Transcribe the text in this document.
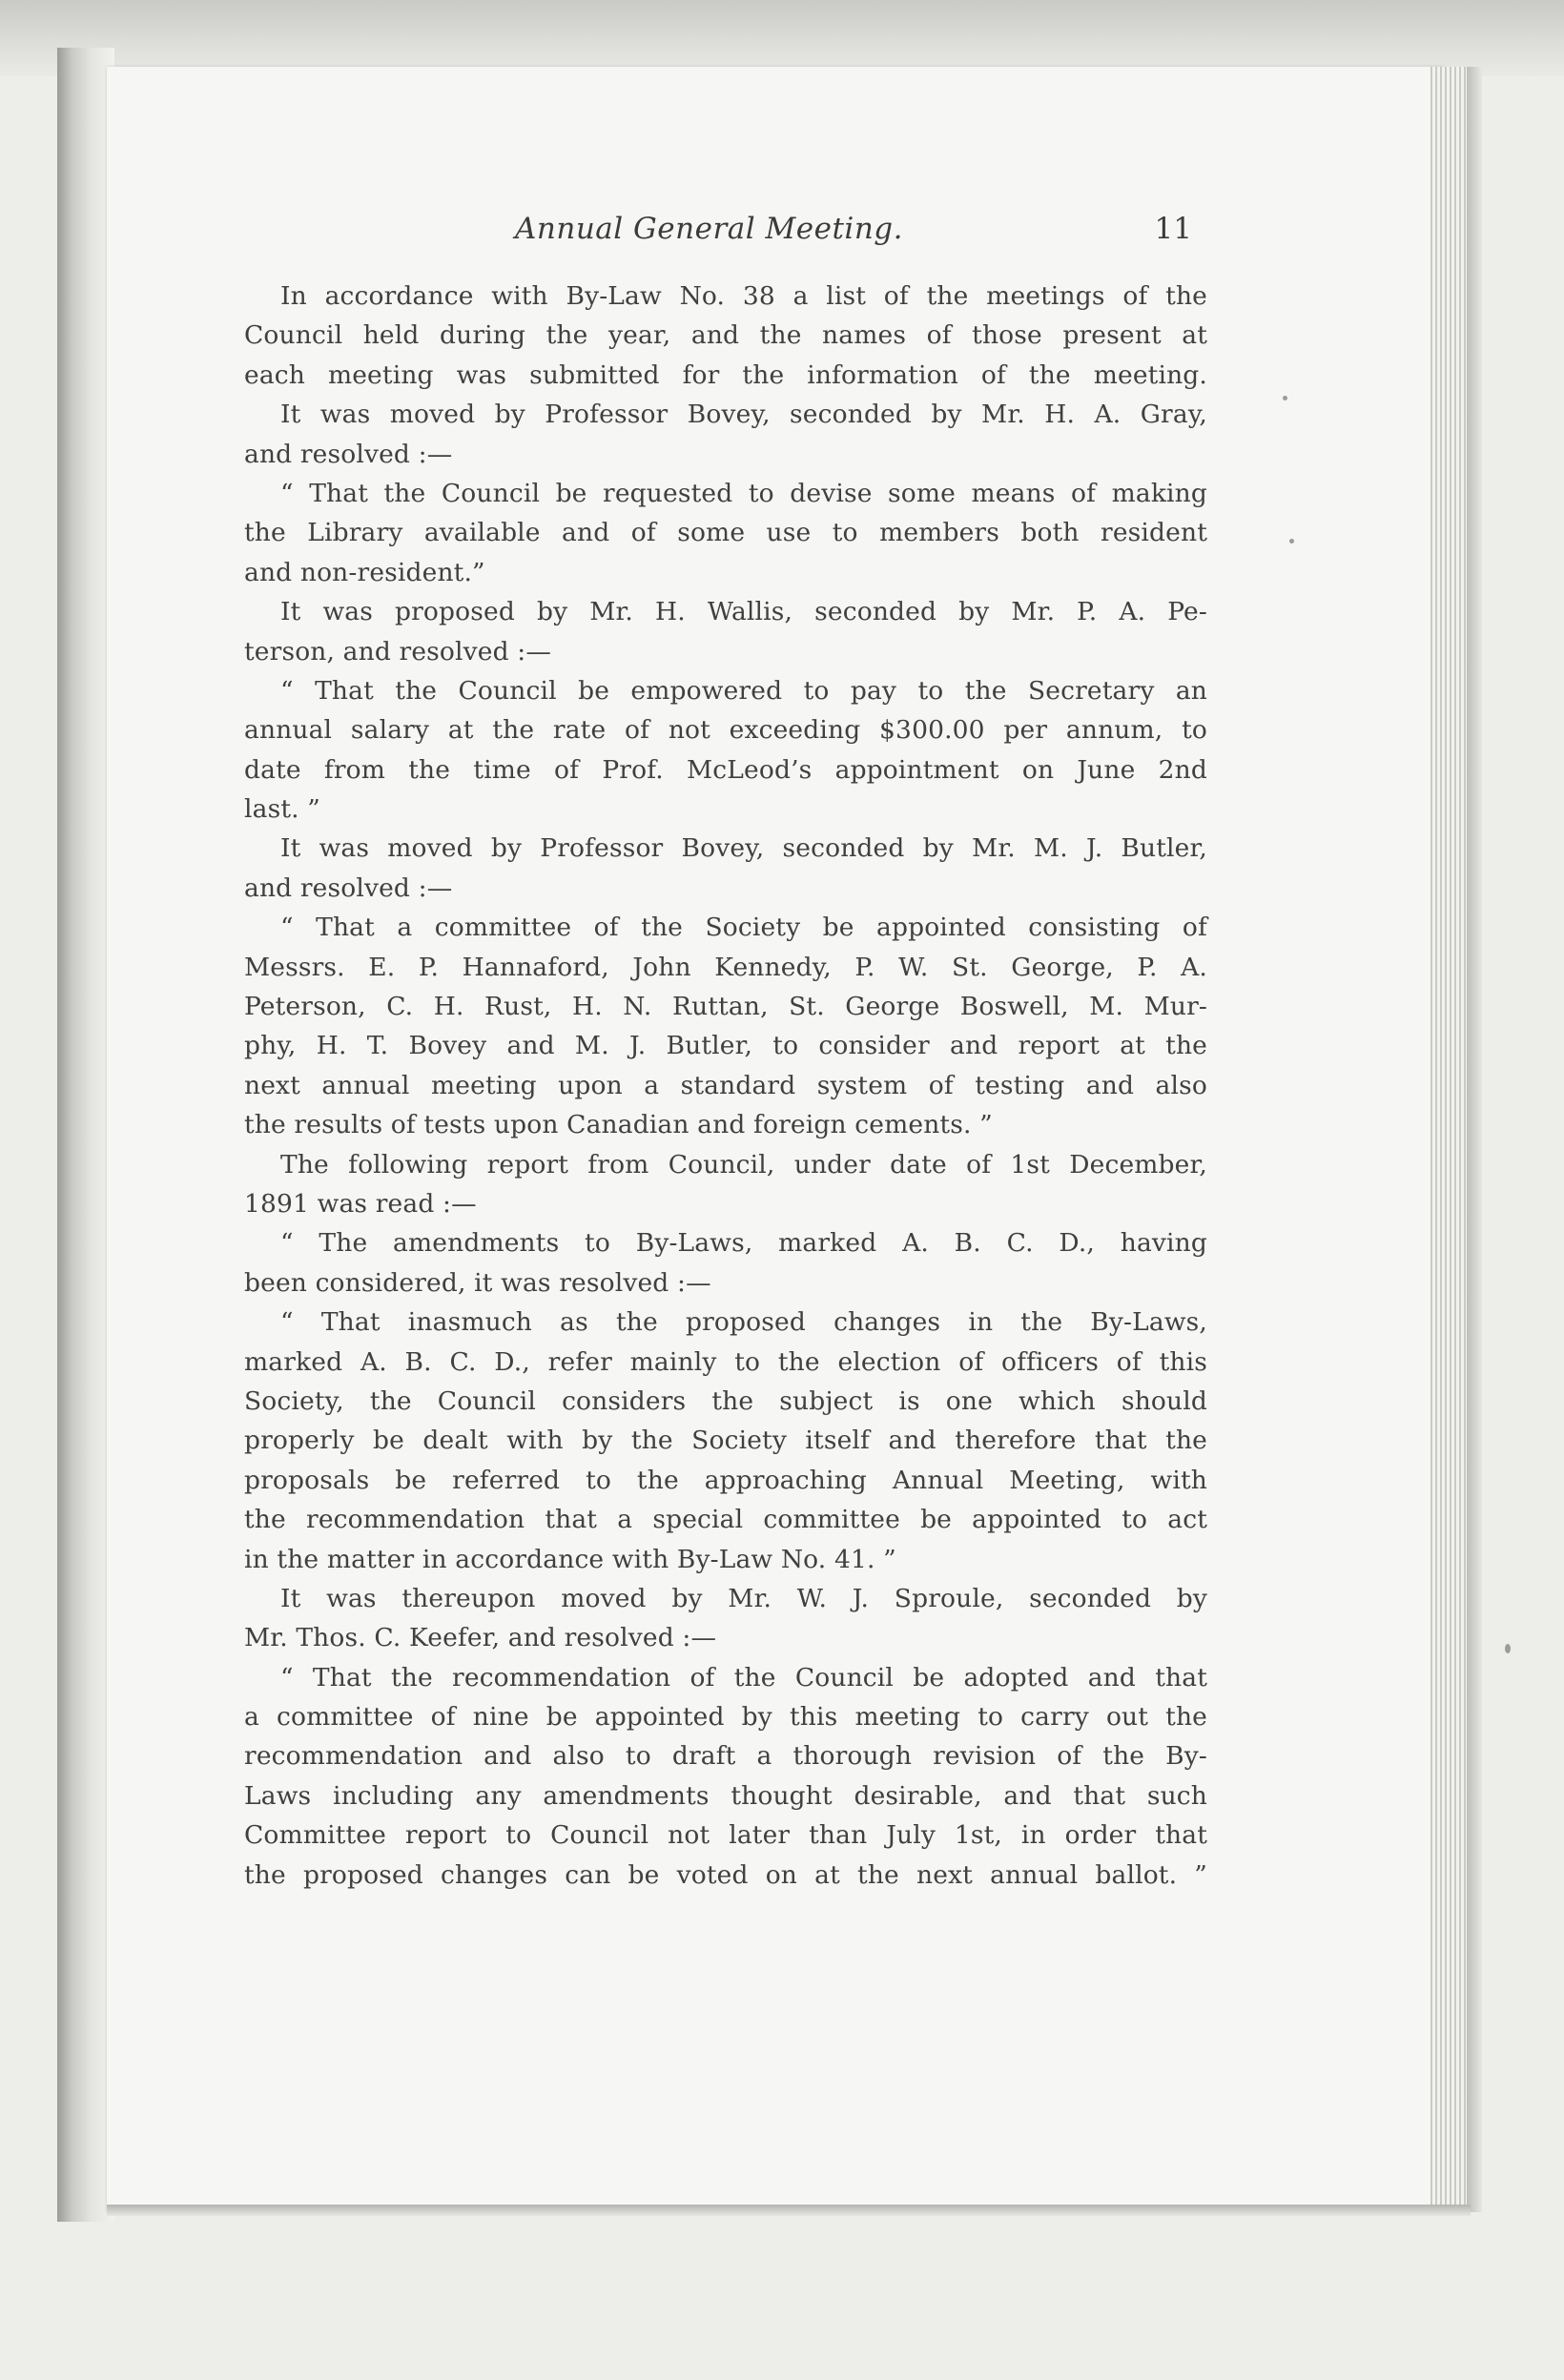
Annual General Meeting.	11
In accordance with By-Law No. 38 a list of the meetings of the
Council held during the year, and the names of those present at
each meeting was submitted for the information of the meeting.
It was moved by Professor Bovey, seconded by Mr. H. A. Gray,
and resolved :—
“ That the Council be requested to devise some means of making
the Library available and of some use to members both resident
and non-resident.”
It was proposed by Mr. H. Wallis, seconded by Mr. P. A. Pe-
terson, and resolved :—
“ That the Council be empowered to pay to the Secretary an
annual salary at the rate of not exceeding $300.00 per annum, to
date from the time of Prof. McLeod’s appointment on June 2nd
last. ”
It was moved by Professor Bovey, seconded by Mr. M. J. Butler,
and resolved :—
“ That a committee of the Society be appointed consisting of
Messrs. E. P. Hannaford, John Kennedy, P. W. St. George, P. A.
Peterson, C. H. Rust, H. N. Ruttan, St. George Boswell, M. Mur-
phy, H. T. Bovey and M. J. Butler, to consider and report at the
next annual meeting upon a standard system of testing and also
the results of tests upon Canadian and foreign cements. ”
The following report from Council, under date of 1st December,
1891 was read :—
“ The amendments to By-Laws, marked A. B. C. D., having
been considered, it was resolved :—
“ That inasmuch as the proposed changes in the By-Laws,
marked A. B. C. D., refer mainly to the election of officers of this
Society, the Council considers the subject is one which should
properly be dealt with by the Society itself and therefore that the
proposals be referred to the approaching Annual Meeting, with
the recommendation that a special committee be appointed to act
in the matter in accordance with By-Law No. 41. ”
It was thereupon moved by Mr. W. J. Sproule, seconded by
Mr. Thos. C. Keefer, and resolved :—
“ That the recommendation of the Council be adopted and that
a committee of nine be appointed by this meeting to carry out the
recommendation and also to draft a thorough revision of the By-
Laws including any amendments thought desirable, and that such
Committee report to Council not later than July 1st, in order that
the proposed changes can be voted on at the next annual ballot. ”
